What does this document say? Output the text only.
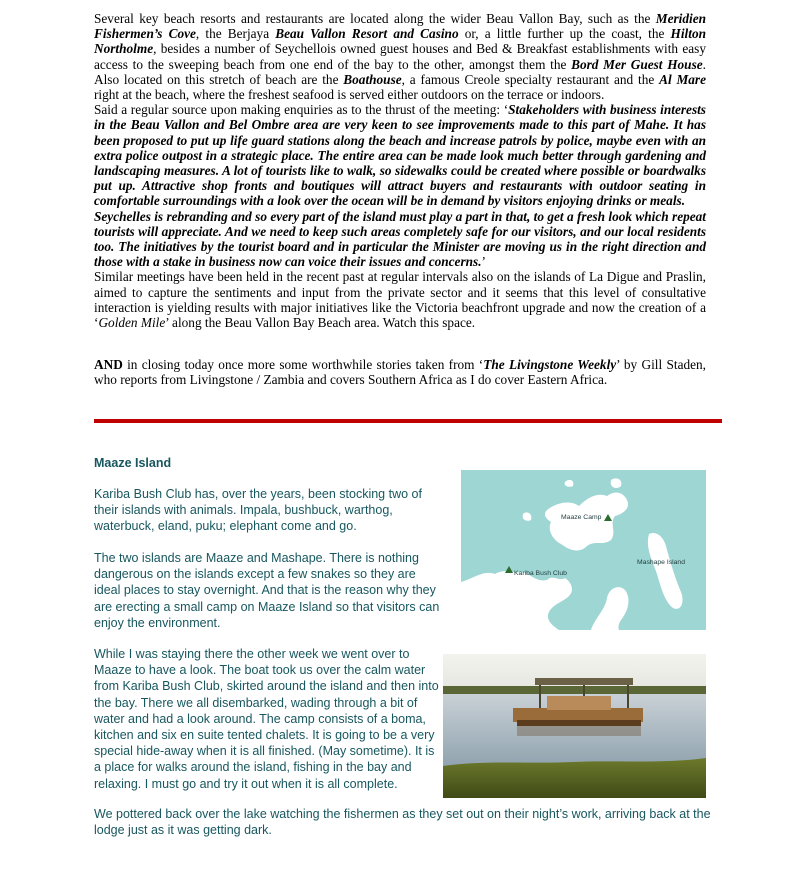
Several key beach resorts and restaurants are located along the wider Beau Vallon Bay, such as the Meridien Fishermen’s Cove, the Berjaya Beau Vallon Resort and Casino or, a little further up the coast, the Hilton Northolme, besides a number of Seychellois owned guest houses and Bed & Breakfast establishments with easy access to the sweeping beach from one end of the bay to the other, amongst them the Bord Mer Guest House. Also located on this stretch of beach are the Boathouse, a famous Creole specialty restaurant and the Al Mare right at the beach, where the freshest seafood is served either outdoors on the terrace or indoors.
Said a regular source upon making enquiries as to the thrust of the meeting: ‘Stakeholders with business interests in the Beau Vallon and Bel Ombre area are very keen to see improvements made to this part of Mahe. It has been proposed to put up life guard stations along the beach and increase patrols by police, maybe even with an extra police outpost in a strategic place. The entire area can be made look much better through gardening and landscaping measures. A lot of tourists like to walk, so sidewalks could be created where possible or boardwalks put up. Attractive shop fronts and boutiques will attract buyers and restaurants with outdoor seating in comfortable surroundings with a look over the ocean will be in demand by visitors enjoying drinks or meals.
Seychelles is rebranding and so every part of the island must play a part in that, to get a fresh look which repeat tourists will appreciate. And we need to keep such areas completely safe for our visitors, and our local residents too. The initiatives by the tourist board and in particular the Minister are moving us in the right direction and those with a stake in business now can voice their issues and concerns.’
Similar meetings have been held in the recent past at regular intervals also on the islands of La Digue and Praslin, aimed to capture the sentiments and input from the private sector and it seems that this level of consultative interaction is yielding results with major initiatives like the Victoria beachfront upgrade and now the creation of a ‘Golden Mile’ along the Beau Vallon Bay Beach area. Watch this space.
AND in closing today once more some worthwhile stories taken from ‘The Livingstone Weekly’ by Gill Staden, who reports from Livingstone / Zambia and covers Southern Africa as I do cover Eastern Africa.
Maaze Island
Kariba Bush Club has, over the years, been stocking two of their islands with animals. Impala, bushbuck, warthog, waterbuck, eland, puku; elephant come and go.
The two islands are Maaze and Mashape. There is nothing dangerous on the islands except a few snakes so they are ideal places to stay overnight. And that is the reason why they are erecting a small camp on Maaze Island so that visitors can enjoy the environment.
While I was staying there the other week we went over to Maaze to have a look. The boat took us over the calm water from Kariba Bush Club, skirted around the island and then into the bay. There we all disembarked, wading through a bit of water and had a look around. The camp consists of a boma, kitchen and six en suite tented chalets. It is going to be a very special hide-away when it is all finished. (May sometime). It is a place for walks around the island, fishing in the bay and relaxing. I must go and try it out when it is all complete.
We pottered back over the lake watching the fishermen as they set out on their night’s work, arriving back at the lodge just as it was getting dark.
Maaze Camp
Kariba Bush Club
Mashape Island
